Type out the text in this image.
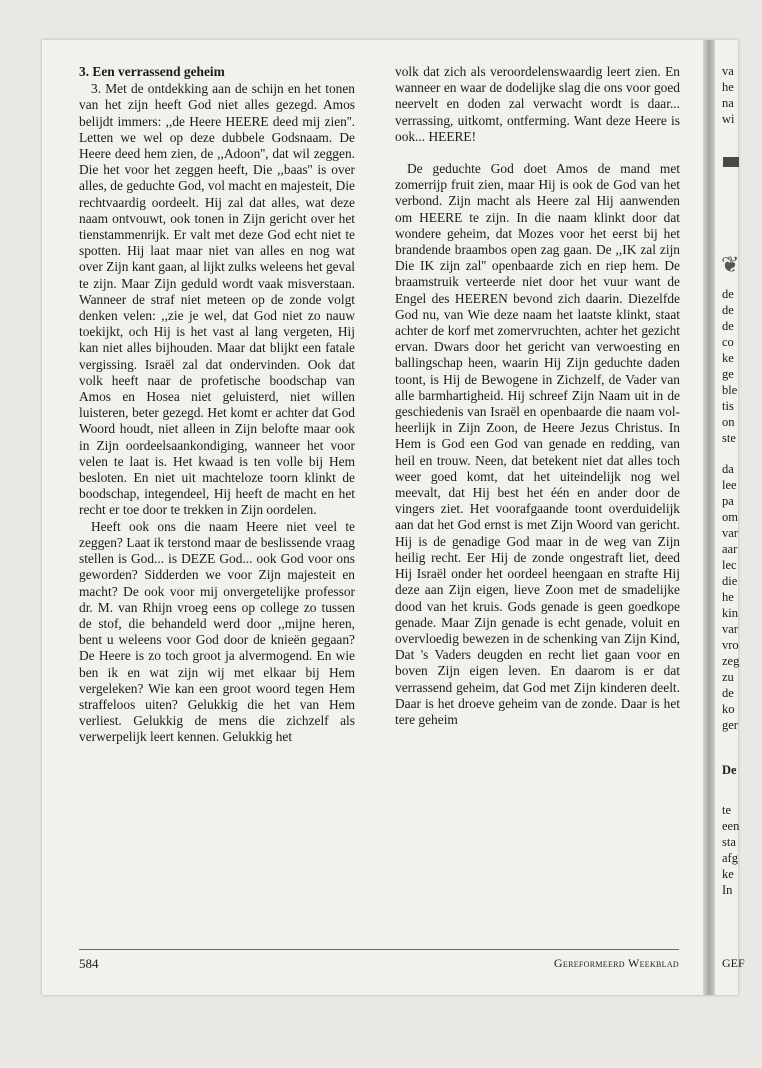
3. Een verrassend geheim

3. Met de ontdekking aan de schijn en het tonen van het zijn heeft God niet alles gezegd. Amos belijdt immers: ,,de Heere HEERE deed mij zien''. Letten we wel op deze dubbele Godsnaam. De Heere deed hem zien, de ,,Adoon'', dat wil zeggen. Die het voor het zeggen heeft, Die ,,baas'' is over alles, de geduchte God, vol macht en majesteit, Die rechtvaardig oordeelt. Hij zal dat alles, wat deze naam ontvouwt, ook tonen in Zijn gericht over het tienstammenrijk. Er valt met deze God echt niet te spotten. Hij laat maar niet van alles en nog wat over Zijn kant gaan, al lijkt zulks weleens het geval te zijn. Maar Zijn geduld wordt vaak misverstaan. Wanneer de straf niet meteen op de zonde volgt denken velen: ,,zie je wel, dat God niet zo nauw toekijkt, och Hij is het vast al lang vergeten, Hij kan niet alles bijhouden. Maar dat blijkt een fatale vergissing. Israël zal dat ondervinden. Ook dat volk heeft naar de profetische boodschap van Amos en Hosea niet geluisterd, niet willen luisteren, beter gezegd. Het komt er achter dat God Woord houdt, niet alleen in Zijn belofte maar ook in Zijn oordeelsaankondiging, wanneer het voor velen te laat is. Het kwaad is ten volle bij Hem besloten. En niet uit machteloze toorn klinkt de boodschap, integendeel, Hij heeft de macht en het recht er toe door te trekken in Zijn oordelen.

Heeft ook ons die naam Heere niet veel te zeggen? Laat ik terstond maar de beslissende vraag stellen is God... is DEZE God... ook God voor ons geworden? Sidderden we voor Zijn majesteit en macht? De ook voor mij onvergetelijke professor dr. M. van Rhijn vroeg eens op college zo tussen de stof, die behandeld werd door ,,mijne heren, bent u weleens voor God door de knieën gegaan? De Heere is zo toch groot ja alvermogend. En wie ben ik en wat zijn wij met elkaar bij Hem vergeleken? Wie kan een groot woord tegen Hem straffeloos uiten? Gelukkig die het van Hem verliest. Gelukkig de mens die zichzelf als verwerpelijk leert kennen. Gelukkig het

volk dat zich als veroordelenswaardig leert zien. En wanneer en waar de dodelijke slag die ons voor goed neervelt en doden zal verwacht wordt is daar... verrassing, uitkomt, ontferming. Want deze Heere is ook... HEERE!

De geduchte God doet Amos de mand met zomerrijp fruit zien, maar Hij is ook de God van het verbond. Zijn macht als Heere zal Hij aanwenden om HEERE te zijn. In die naam klinkt door dat wondere geheim, dat Mozes voor het eerst bij het brandende braambos open zag gaan. De ,,IK zal zijn Die IK zijn zal'' openbaarde zich en riep hem. De braamstruik verteerde niet door het vuur want de Engel des HEEREN bevond zich daarin. Diezelfde God nu, van Wie deze naam het laatste klinkt, staat achter de korf met zomervruchten, achter het gezicht ervan. Dwars door het gericht van verwoesting en ballingschap heen, waarin Hij Zijn geduchte daden toont, is Hij de Bewogene in Zichzelf, de Vader van alle barmhartigheid. Hij schreef Zijn Naam uit in de geschiedenis van Israël en openbaarde die naam vol-heerlijk in Zijn Zoon, de Heere Jezus Christus. In Hem is God een God van genade en redding, van heil en trouw. Neen, dat betekent niet dat alles toch weer goed komt, dat het uiteindelijk nog wel meevalt, dat Hij best het één en ander door de vingers ziet. Het voorafgaande toont overduidelijk aan dat het God ernst is met Zijn Woord van gericht. Hij is de genadige God maar in de weg van Zijn heilig recht. Eer Hij de zonde ongestraft liet, deed Hij Israël onder het oordeel heengaan en strafte Hij deze aan Zijn eigen, lieve Zoon met de smadelijke dood van het kruis. Gods genade is geen goedkope genade. Maar Zijn genade is echt genade, voluit en overvloedig bewezen in de schenking van Zijn Kind, Dat 's Vaders deugden en recht liet gaan voor en boven Zijn eigen leven. En daarom is er dat verrassend geheim, dat God met Zijn kinderen deelt. Daar is het droeve geheim van de zonde. Daar is het tere geheim

584	Gereformeerd Weekblad
va
he
na
wi
❦
de
de
de
co
ke
ge
ble
tis
on
ste
da
lee
pa
om
var
aar
lec
die
he
kin
var
vro
zeg
zu
de
ko
ger
De
te
een
sta
afg
ke
In
GEF
